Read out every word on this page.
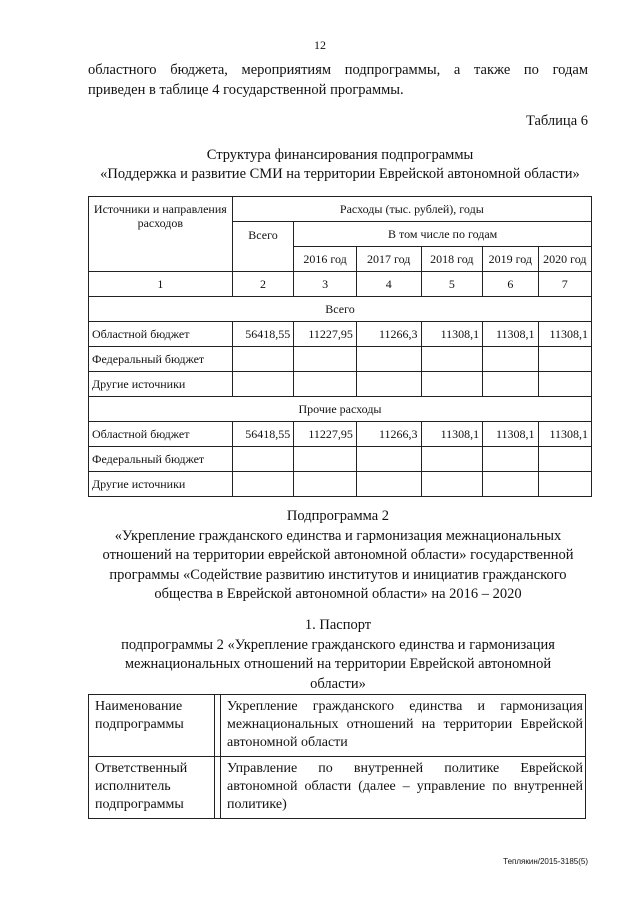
12

областного бюджета, мероприятиям подпрограммы, а также по годам

приведен в таблице 4 государственной программы.

Таблица 6
Структура финансирования подпрограммы
«Поддержка и развитие СМИ на территории Еврейской автономной области»
Источники и направления расходов	Расходы (тыс. рублей), годы					
	Всего	В том числе по годам				
		2016 год	2017 год	2018 год	2019 год	2020 год
1	2	3	4	5	6	7
Всего						
Областной бюджет	56418,55	11227,95	11266,3	11308,1	11308,1	11308,1
Федеральный бюджет						
Другие источники						
Прочие расходы						
Областной бюджет	56418,55	11227,95	11266,3	11308,1	11308,1	11308,1
Федеральный бюджет						
Другие источники						
Подпрограмма 2
«Укрепление гражданского единства и гармонизация межнациональных
отношений на территории еврейской автономной области» государственной
программы «Содействие развитию институтов и инициатив гражданского
общества в Еврейской автономной области» на 2016 – 2020
1. Паспорт
подпрограммы 2 «Укрепление гражданского единства и гармонизация
межнациональных отношений на территории Еврейской автономной
области»
Наименование подпрограммы		Укрепление гражданского единства и гармонизация межнациональных отношений на территории Еврейской автономной области
Ответственный исполнитель подпрограммы		Управление по внутренней политике Еврейской автономной области (далее – управление по внутренней политике)
Теплякин/2015-3185(5)
